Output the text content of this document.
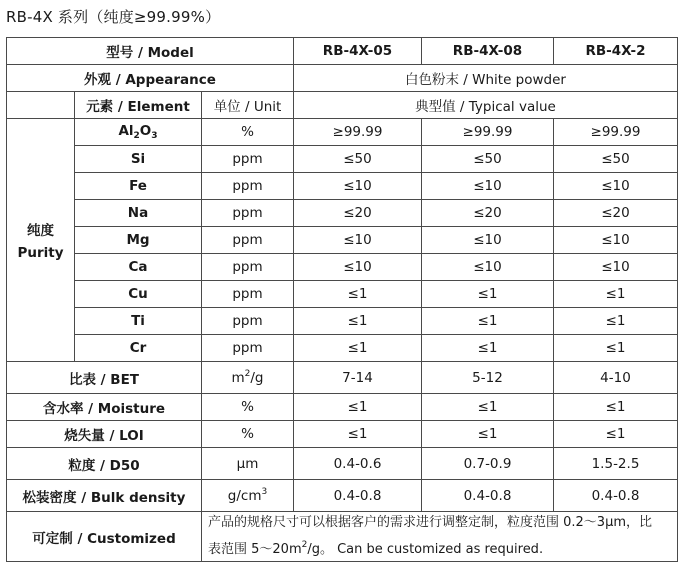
RB-4X 系列（纯度≥99.99%）
型号 / Model			RB-4X-05	RB-4X-08	RB-4X-2
外观 / Appearance			白色粉末 / White powder		
	元素 / Element	单位 / Unit	典型值 / Typical value		

纯度
Purity	$Al_2O_3$	%	≥99.99	≥99.99	≥99.99
	Si	ppm	≤50	≤50	≤50
	Fe	ppm	≤10	≤10	≤10
	Na	ppm	≤20	≤20	≤20
	Mg	ppm	≤10	≤10	≤10
	Ca	ppm	≤10	≤10	≤10
	Cu	ppm	≤1	≤1	≤1
	Ti	ppm	≤1	≤1	≤1
	Cr	ppm	≤1	≤1	≤1
比表 / BET		$m^2/g$	7-14	5-12	4-10
含水率 / Moisture		%	≤1	≤1	≤1
烧失量 / LOI		%	≤1	≤1	≤1
粒度 / D50		μm	0.4-0.6	0.7-0.9	1.5-2.5
松装密度 / Bulk density		$g/cm^3$	0.4-0.8	0.4-0.8	0.4-0.8
可定制 / Customized		产品的规格尺寸可以根据客户的需求进行调整定制，粒度范围 0.2～3μm，比
表范围 $5\sim 20m^2/g$。 Can be customized as required.			
